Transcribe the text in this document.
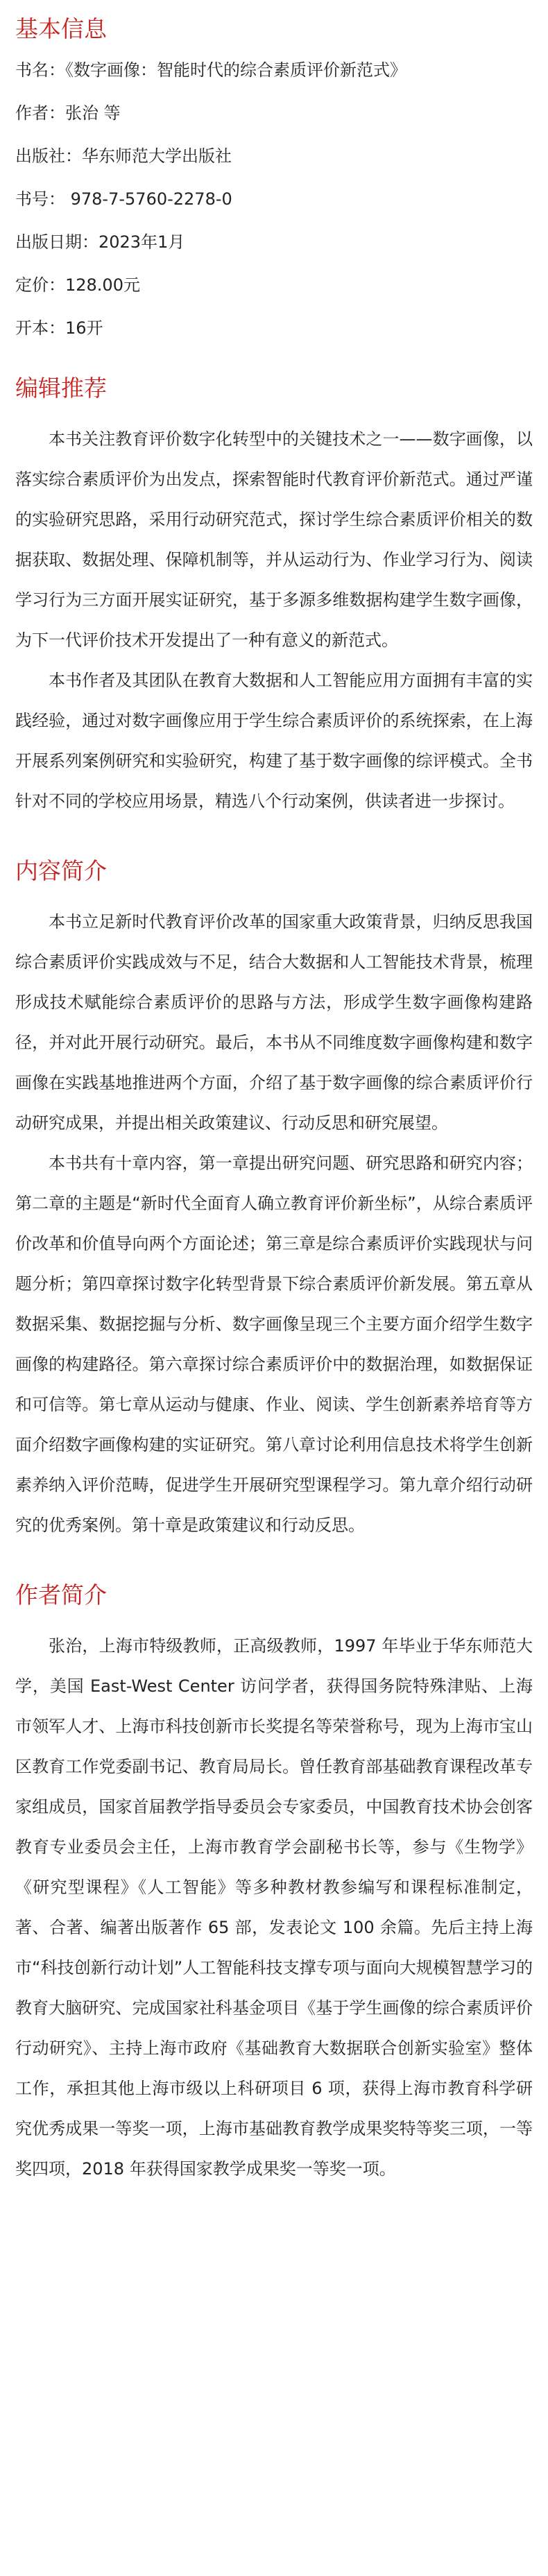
基本信息

书名：《数字画像：智能时代的综合素质评价新范式》

作者：张治 等

出版社：华东师范大学出版社

书号： 978-7-5760-2278-0

出版日期：2023年1月

定价：128.00元

开本：16开

编辑推荐

本书关注教育评价数字化转型中的关键技术之一——数字画像，以落实综合素质评价为出发点，探索智能时代教育评价新范式。通过严谨的实验研究思路，采用行动研究范式，探讨学生综合素质评价相关的数据获取、数据处理、保障机制等，并从运动行为、作业学习行为、阅读学习行为三方面开展实证研究，基于多源多维数据构建学生数字画像，为下一代评价技术开发提出了一种有意义的新范式。

本书作者及其团队在教育大数据和人工智能应用方面拥有丰富的实践经验，通过对数字画像应用于学生综合素质评价的系统探索，在上海开展系列案例研究和实验研究，构建了基于数字画像的综评模式。全书针对不同的学校应用场景，精选八个行动案例，供读者进一步探讨。

内容简介

本书立足新时代教育评价改革的国家重大政策背景，归纳反思我国综合素质评价实践成效与不足，结合大数据和人工智能技术背景，梳理形成技术赋能综合素质评价的思路与方法，形成学生数字画像构建路径，并对此开展行动研究。最后，本书从不同维度数字画像构建和数字画像在实践基地推进两个方面，介绍了基于数字画像的综合素质评价行动研究成果，并提出相关政策建议、行动反思和研究展望。

本书共有十章内容，第一章提出研究问题、研究思路和研究内容；第二章的主题是“新时代全面育人确立教育评价新坐标”，从综合素质评价改革和价值导向两个方面论述；第三章是综合素质评价实践现状与问题分析；第四章探讨数字化转型背景下综合素质评价新发展。第五章从数据采集、数据挖掘与分析、数字画像呈现三个主要方面介绍学生数字画像的构建路径。第六章探讨综合素质评价中的数据治理，如数据保证和可信等。第七章从运动与健康、作业、阅读、学生创新素养培育等方面介绍数字画像构建的实证研究。第八章讨论利用信息技术将学生创新素养纳入评价范畴，促进学生开展研究型课程学习。第九章介绍行动研究的优秀案例。第十章是政策建议和行动反思。

作者简介

张治，上海市特级教师，正高级教师，1997 年毕业于华东师范大学，美国 East-West Center 访问学者，获得国务院特殊津贴、上海市领军人才、上海市科技创新市长奖提名等荣誉称号，现为上海市宝山区教育工作党委副书记、教育局局长。曾任教育部基础教育课程改革专家组成员，国家首届教学指导委员会专家委员，中国教育技术协会创客教育专业委员会主任，上海市教育学会副秘书长等，参与《生物学》《研究型课程》《人工智能》等多种教材教参编写和课程标准制定，著、合著、编著出版著作 65 部，发表论文 100 余篇。先后主持上海市“科技创新行动计划”人工智能科技支撑专项与面向大规模智慧学习的教育大脑研究、完成国家社科基金项目《基于学生画像的综合素质评价行动研究》、主持上海市政府《基础教育大数据联合创新实验室》整体工作，承担其他上海市级以上科研项目 6 项，获得上海市教育科学研究优秀成果一等奖一项，上海市基础教育教学成果奖特等奖三项，一等奖四项，2018 年获得国家教学成果奖一等奖一项。
